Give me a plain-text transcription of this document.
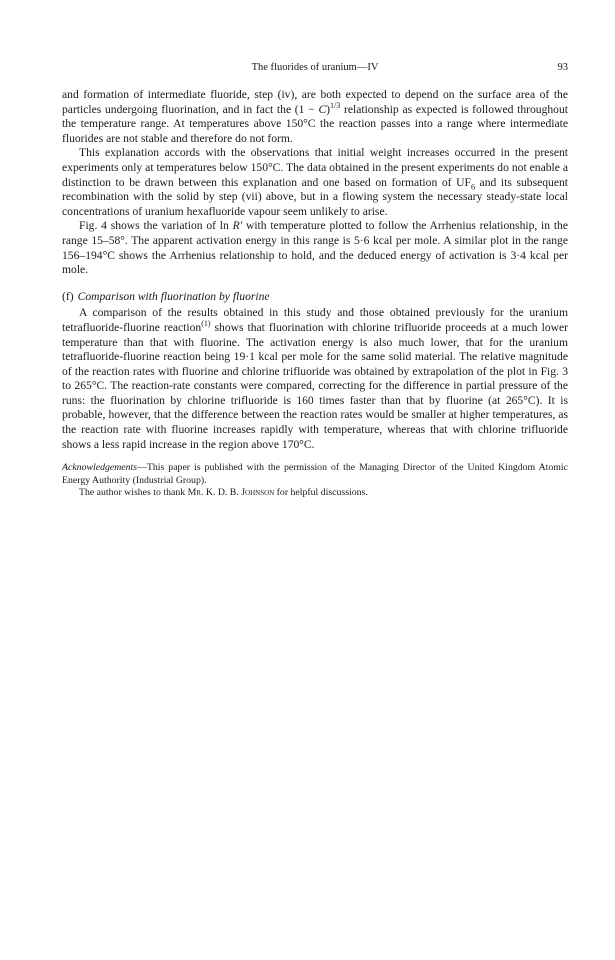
The fluorides of uranium—IV	93

and formation of intermediate fluoride, step (iv), are both expected to depend on the surface area of the particles undergoing fluorination, and in fact the $(1 - C)^{1/3}$ relationship as expected is followed throughout the temperature range. At temperatures above 150°C the reaction passes into a range where intermediate fluorides are not stable and therefore do not form.

This explanation accords with the observations that initial weight increases occurred in the present experiments only at temperatures below 150°C. The data obtained in the present experiments do not enable a distinction to be drawn between this explanation and one based on formation of $UF_6$ and its subsequent recombination with the solid by step (vii) above, but in a flowing system the necessary steady-state local concentrations of uranium hexafluoride vapour seem unlikely to arise.

Fig. 4 shows the variation of ln R′ with temperature plotted to follow the Arrhenius relationship, in the range 15–58°. The apparent activation energy in this range is 5·6 kcal per mole. A similar plot in the range 156–194°C shows the Arrhenius relationship to hold, and the deduced energy of activation is 3·4 kcal per mole.

(f) Comparison with fluorination by fluorine

A comparison of the results obtained in this study and those obtained previously for the uranium tetrafluoride-fluorine reaction$^{(1)}$ shows that fluorination with chlorine trifluoride proceeds at a much lower temperature than that with fluorine. The activation energy is also much lower, that for the uranium tetrafluoride-fluorine reaction being 19·1 kcal per mole for the same solid material. The relative magnitude of the reaction rates with fluorine and chlorine trifluoride was obtained by extrapolation of the plot in Fig. 3 to 265°C. The reaction-rate constants were compared, correcting for the difference in partial pressure of the runs: the fluorination by chlorine trifluoride is 160 times faster than that by fluorine (at 265°C). It is probable, however, that the difference between the reaction rates would be smaller at higher temperatures, as the reaction rate with fluorine increases rapidly with temperature, whereas that with chlorine trifluoride shows a less rapid increase in the region above 170°C.

Acknowledgements—This paper is published with the permission of the Managing Director of the United Kingdom Atomic Energy Authority (Industrial Group).

The author wishes to thank Mr. K. D. B. Johnson for helpful discussions.
